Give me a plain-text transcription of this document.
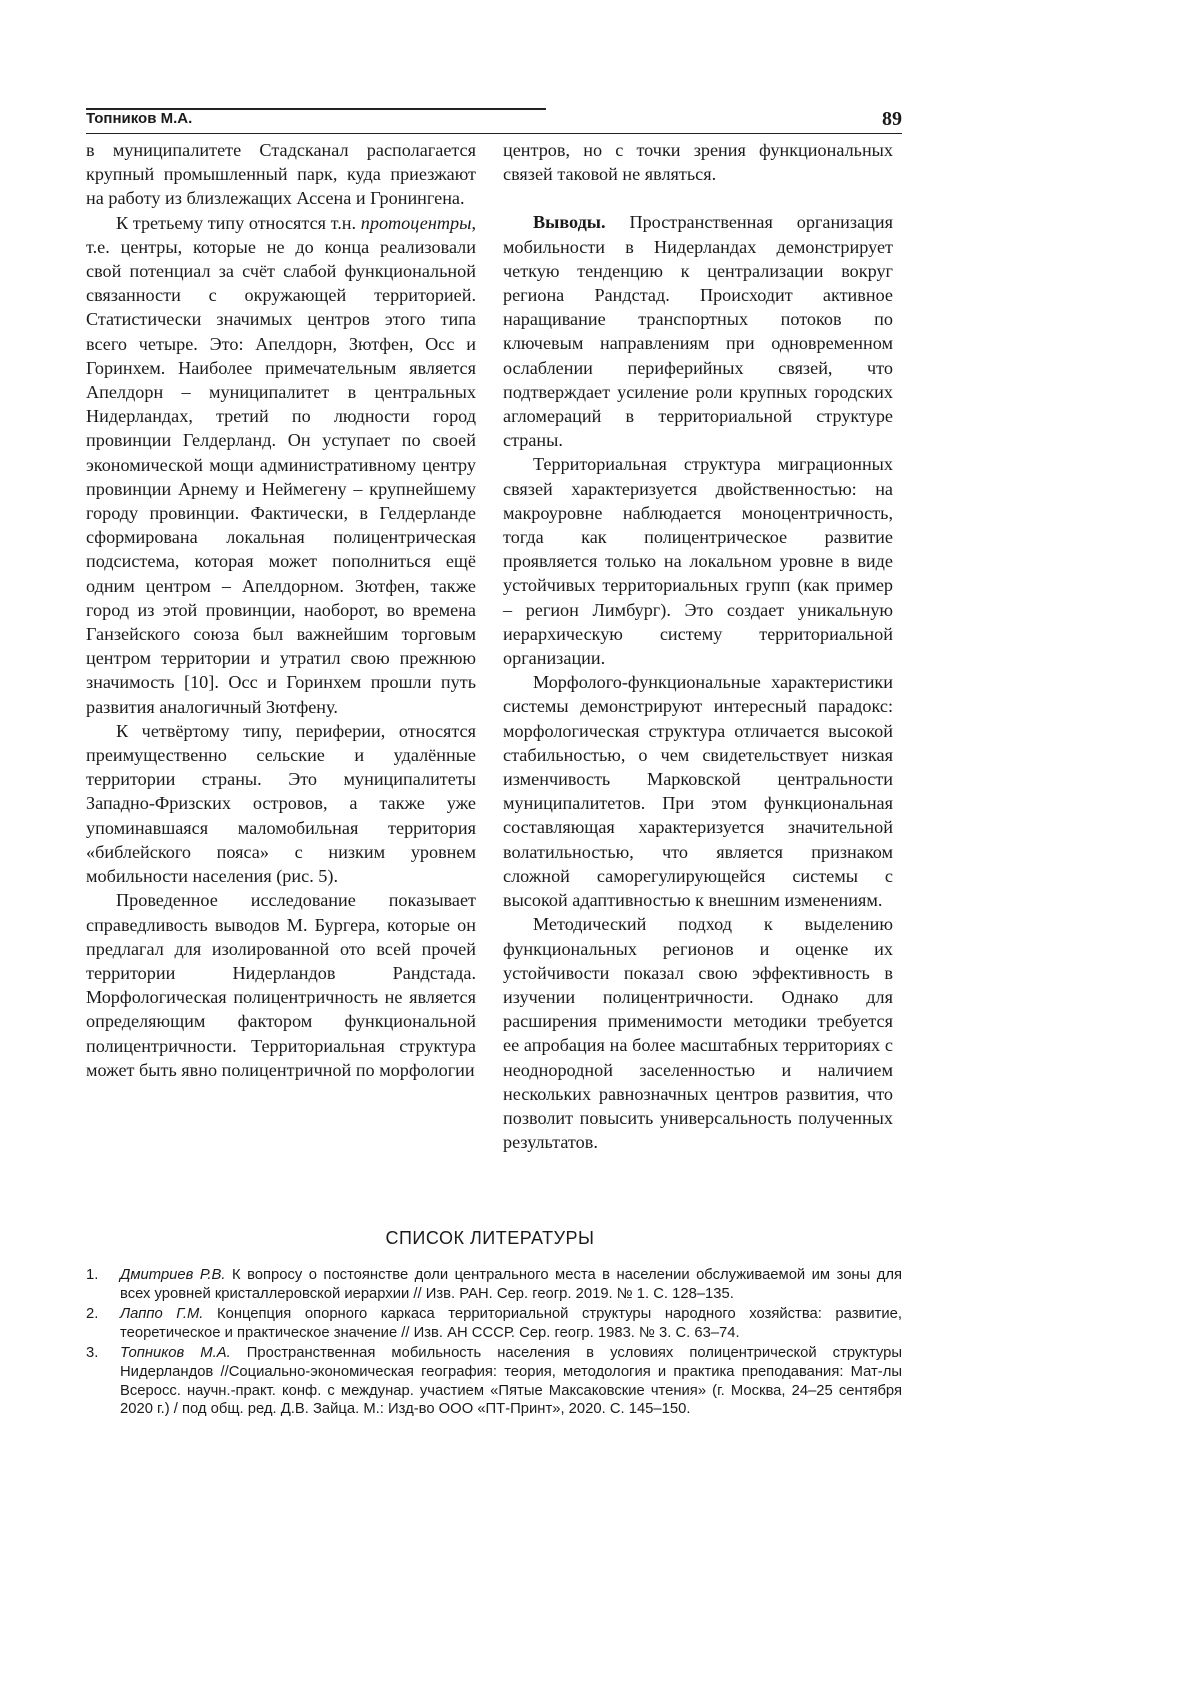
Топников М.А.	89

в муниципалитете Стадсканал располагается крупный промышленный парк, куда приезжают на работу из близлежащих Ассена и Гронингена.

К третьему типу относятся т.н. протоцентры, т.е. центры, которые не до конца реализовали свой потенциал за счёт слабой функциональной связанности с окружающей территорией. Статистически значимых центров этого типа всего четыре. Это: Апелдорн, Зютфен, Осс и Горинхем. Наиболее примечательным является Апелдорн – муниципалитет в центральных Нидерландах, третий по людности город провинции Гелдерланд. Он уступает по своей экономической мощи административному центру провинции Арнему и Неймегену – крупнейшему городу провинции. Фактически, в Гелдерланде сформирована локальная полицентрическая подсистема, которая может пополниться ещё одним центром – Апелдорном. Зютфен, также город из этой провинции, наоборот, во времена Ганзейского союза был важнейшим торговым центром территории и утратил свою прежнюю значимость [10]. Осс и Горинхем прошли путь развития аналогичный Зютфену.

К четвёртому типу, периферии, относятся преимущественно сельские и удалённые территории страны. Это муниципалитеты Западно-Фризских островов, а также уже упоминавшаяся маломобильная территория «библейского пояса» с низким уровнем мобильности населения (рис. 5).

Проведенное исследование показывает справедливость выводов М. Бургера, которые он предлагал для изолированной ото всей прочей территории Нидерландов Рандстада. Морфологическая полицентричность не является определяющим фактором функциональной полицентричности. Территориальная структура может быть явно полицентричной по морфологии

центров, но с точки зрения функциональных связей таковой не являться.

Выводы. Пространственная организация мобильности в Нидерландах демонстрирует четкую тенденцию к централизации вокруг региона Рандстад. Происходит активное наращивание транспортных потоков по ключевым направлениям при одновременном ослаблении периферийных связей, что подтверждает усиление роли крупных городских агломераций в территориальной структуре страны.

Территориальная структура миграционных связей характеризуется двойственностью: на макроуровне наблюдается моноцентричность, тогда как полицентрическое развитие проявляется только на локальном уровне в виде устойчивых территориальных групп (как пример – регион Лимбург). Это создает уникальную иерархическую систему территориальной организации.

Морфолого-функциональные характеристики системы демонстрируют интересный парадокс: морфологическая структура отличается высокой стабильностью, о чем свидетельствует низкая изменчивость Марковской центральности муниципалитетов. При этом функциональная составляющая характеризуется значительной волатильностью, что является признаком сложной саморегулирующейся системы с высокой адаптивностью к внешним изменениям.

Методический подход к выделению функциональных регионов и оценке их устойчивости показал свою эффективность в изучении полицентричности. Однако для расширения применимости методики требуется ее апробация на более масштабных территориях с неоднородной заселенностью и наличием нескольких равнозначных центров развития, что позволит повысить универсальность полученных результатов.

СПИСОК ЛИТЕРАТУРЫ
1. Дмитриев Р.В. К вопросу о постоянстве доли центрального места в населении обслуживаемой им зоны для всех уровней кристаллеровской иерархии // Изв. РАН. Сер. геогр. 2019. № 1. С. 128–135.
2. Лаппо Г.М. Концепция опорного каркаса территориальной структуры народного хозяйства: развитие, теоретическое и практическое значение // Изв. АН СССР. Сер. геогр. 1983. № 3. С. 63–74.
3. Топников М.А. Пространственная мобильность населения в условиях полицентрической структуры Нидерландов //Социально-экономическая география: теория, методология и практика преподавания: Мат-лы Всеросс. научн.-практ. конф. с междунар. участием «Пятые Максаковские чтения» (г. Москва, 24–25 сентября 2020 г.) / под общ. ред. Д.В. Зайца. М.: Изд-во ООО «ПТ-Принт», 2020. С. 145–150.
